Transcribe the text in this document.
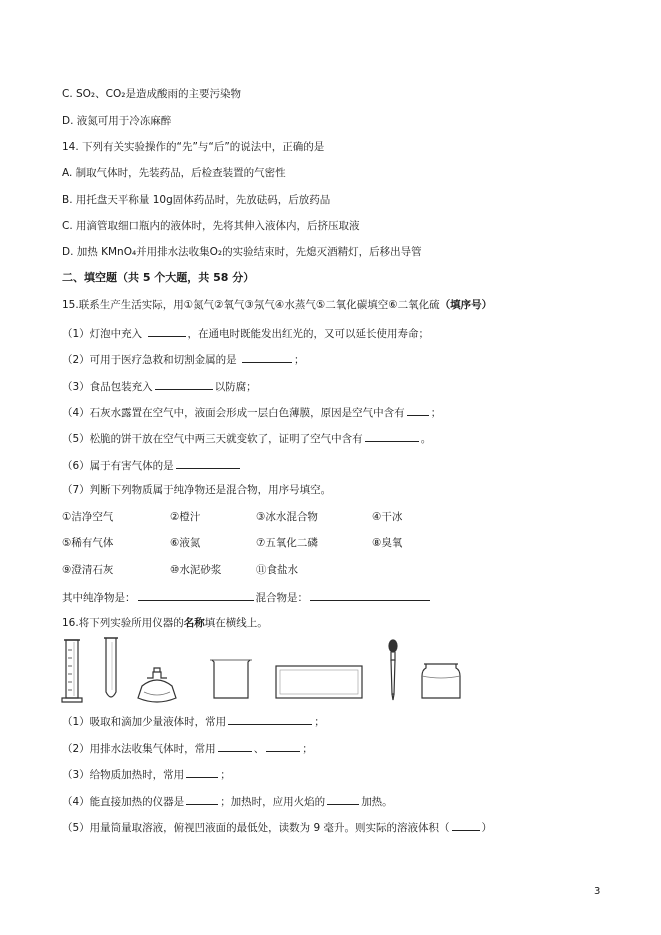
C. SO₂、CO₂是造成酸雨的主要污染物
D. 液氮可用于冷冻麻醉
14. 下列有关实验操作的“先”与“后”的说法中，正确的是
A. 制取气体时，先装药品，后检查装置的气密性
B. 用托盘天平称量 10g固体药品时，先放砝码，后放药品
C. 用滴管取细口瓶内的液体时，先将其伸入液体内，后挤压取液
D. 加热 KMnO₄并用排水法收集O₂的实验结束时，先熄灭酒精灯，后移出导管
二、填空题（共 5 个大题，共 58 分）
15.联系生产生活实际，用①氮气②氧气③氖气④水蒸气⑤二氧化碳填空⑥二氧化硫（填序号）
（1）灯泡中充入	，在通电时既能发出红光的，又可以延长使用寿命；
（2）可用于医疗急救和切割金属的是	；
（3）食品包装充入	以防腐；
（4）石灰水露置在空气中，液面会形成一层白色薄膜，原因是空气中含有 ；
（5）松脆的饼干放在空气中两三天就变软了，证明了空气中含有	。
（6）属于有害气体的是
（7）判断下列物质属于纯净物还是混合物，用序号填空。
①洁净空气	②橙汁	③冰水混合物	④干冰
⑤稀有气体	⑥液氮	⑦五氧化二磷	⑧臭氧
⑨澄清石灰	⑩水泥砂浆	⑪食盐水
其中纯净物是：	混合物是：
16.将下列实验所用仪器的名称填在横线上。
（1）吸取和滴加少量液体时，常用	；
（2）用排水法收集气体时，常用	、	；
（3）给物质加热时，常用	；
（4）能直接加热的仪器是	；加热时，应用火焰的	加热。
（5）用量筒量取溶液，俯视凹液面的最低处，读数为 9 毫升。则实际的溶液体积（	）
3
